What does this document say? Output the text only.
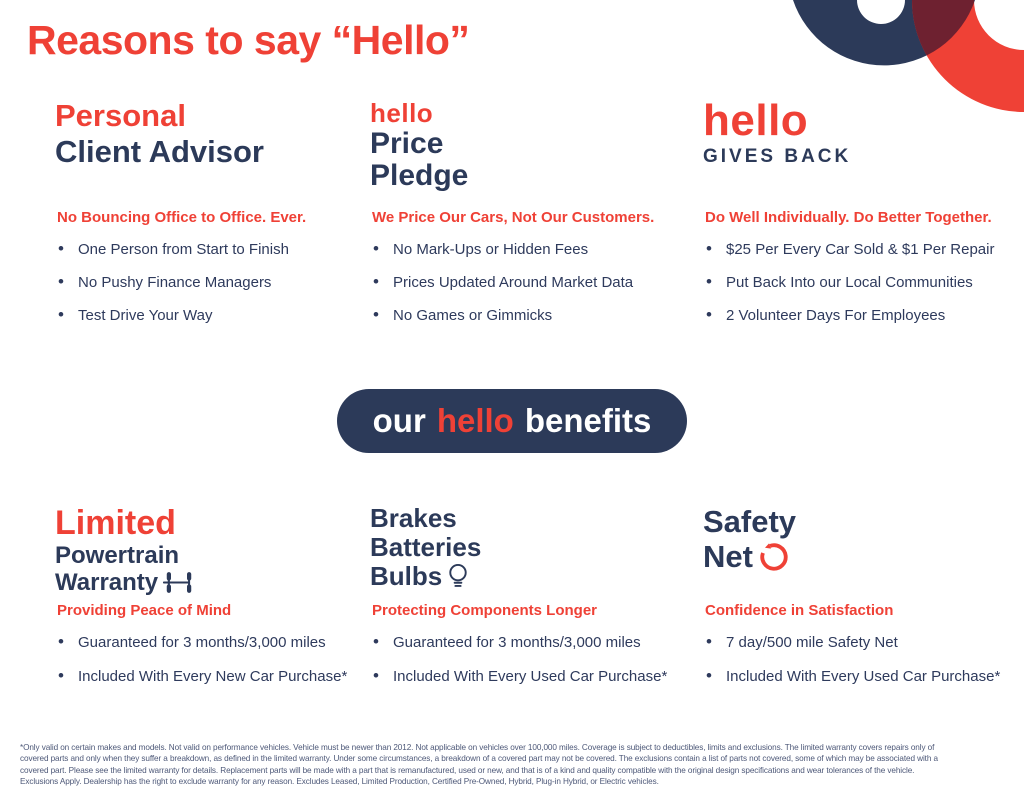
Reasons to say “Hello”
Personal
Client Advisor
No Bouncing Office to Office. Ever.
• One Person from Start to Finish
• No Pushy Finance Managers
• Test Drive Your Way
hello
Price
Pledge
We Price Our Cars, Not Our Customers.
• No Mark-Ups or Hidden Fees
• Prices Updated Around Market Data
• No Games or Gimmicks
hello
GIVES BACK
Do Well Individually. Do Better Together.
• $25 Per Every Car Sold & $1 Per Repair
• Put Back Into our Local Communities
• 2 Volunteer Days For Employees
our hello benefits
Limited
Powertrain
Warranty
Providing Peace of Mind
• Guaranteed for 3 months/3,000 miles
• Included With Every New Car Purchase*
Brakes
Batteries
Bulbs
Protecting Components Longer
• Guaranteed for 3 months/3,000 miles
• Included With Every Used Car Purchase*
Safety
Net
Confidence in Satisfaction
• 7 day/500 mile Safety Net
• Included With Every Used Car Purchase*
*Only valid on certain makes and models. Not valid on performance vehicles. Vehicle must be newer than 2012. Not applicable on vehicles over 100,000 miles. Coverage is subject to deductibles, limits and exclusions. The limited warranty covers repairs only of
covered parts and only when they suffer a breakdown, as defined in the limited warranty. Under some circumstances, a breakdown of a covered part may not be covered. The exclusions contain a list of parts not covered, some of which may be associated with a
covered part. Please see the limited warranty for details. Replacement parts will be made with a part that is remanufactured, used or new, and that is of a kind and quality compatible with the original design specifications and wear tolerances of the vehicle.
Exclusions Apply. Dealership has the right to exclude warranty for any reason. Excludes Leased, Limited Production, Certified Pre-Owned, Hybrid, Plug-in Hybrid, or Electric vehicles.
